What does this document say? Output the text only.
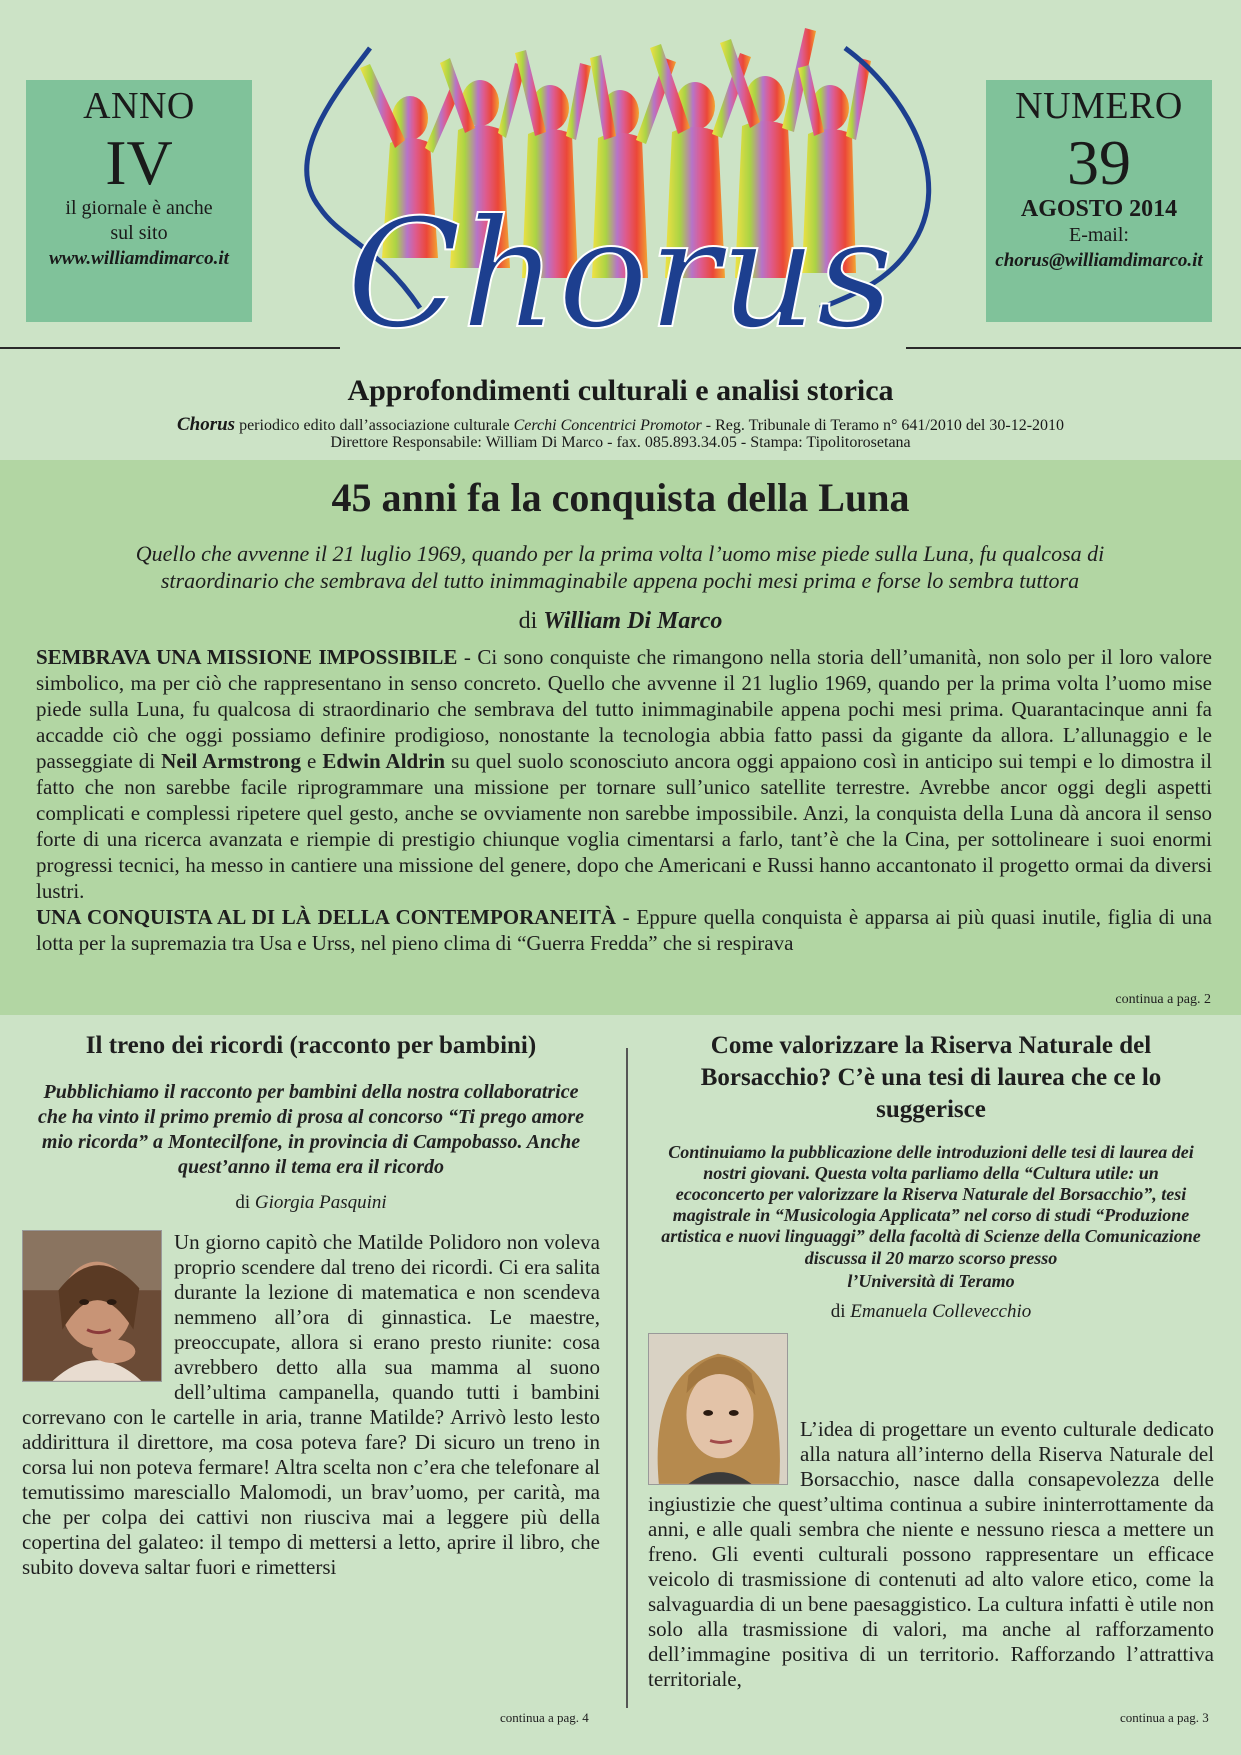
ANNO
IV
il giornale è anche
sul sito
www.williamdimarco.it
NUMERO
39
AGOSTO 2014
E-mail:
chorus@williamdimarco.it
Chorus
Approfondimenti culturali e analisi storica
Chorus periodico edito dall’associazione culturale Cerchi Concentrici Promotor - Reg. Tribunale di Teramo n° 641/2010 del 30-12-2010
Direttore Responsabile: William Di Marco - fax. 085.893.34.05 - Stampa: Tipolitorosetana
45 anni fa la conquista della Luna
Quello che avvenne il 21 luglio 1969, quando per la prima volta l’uomo mise piede sulla Luna, fu qualcosa di straordinario che sembrava del tutto inimmaginabile appena pochi mesi prima e forse lo sembra tuttora
di William Di Marco
SEMBRAVA UNA MISSIONE IMPOSSIBILE - Ci sono conquiste che rimangono nella storia dell’umanità, non solo per il loro valore simbolico, ma per ciò che rappresentano in senso concreto. Quello che avvenne il 21 luglio 1969, quando per la prima volta l’uomo mise piede sulla Luna, fu qualcosa di straordinario che sembrava del tutto inimmaginabile appena pochi mesi prima. Quarantacinque anni fa accadde ciò che oggi possiamo definire prodigioso, nonostante la tecnologia abbia fatto passi da gigante da allora. L’allunaggio e le passeggiate di Neil Armstrong e Edwin Aldrin su quel suolo sconosciuto ancora oggi appaiono così in anticipo sui tempi e lo dimostra il fatto che non sarebbe facile riprogrammare una missione per tornare sull’unico satellite terrestre. Avrebbe ancor oggi degli aspetti complicati e complessi ripetere quel gesto, anche se ovviamente non sarebbe impossibile. Anzi, la conquista della Luna dà ancora il senso forte di una ricerca avanzata e riempie di prestigio chiunque voglia cimentarsi a farlo, tant’è che la Cina, per sottolineare i suoi enormi progressi tecnici, ha messo in cantiere una missione del genere, dopo che Americani e Russi hanno accantonato il progetto ormai da diversi lustri.
UNA CONQUISTA AL DI LÀ DELLA CONTEMPORANEITÀ - Eppure quella conquista è apparsa ai più quasi inutile, figlia di una lotta per la supremazia tra Usa e Urss, nel pieno clima di “Guerra Fredda” che si respirava
continua a pag. 2
Il treno dei ricordi (racconto per bambini)
Pubblichiamo il racconto per bambini della nostra collaboratrice che ha vinto il primo premio di prosa al concorso “Ti prego amore mio ricorda” a Montecilfone, in provincia di Campobasso. Anche quest’anno il tema era il ricordo
di Giorgia Pasquini
Un giorno capitò che Matilde Polidoro non voleva proprio scendere dal treno dei ricordi. Ci era salita durante la lezione di matematica e non scendeva nemmeno all’ora di ginnastica. Le maestre, preoccupate, allora si erano presto riunite: cosa avrebbero detto alla sua mamma al suono dell’ultima campanella, quando tutti i bambini correvano con le cartelle in aria, tranne Matilde? Arrivò lesto lesto addirittura il direttore, ma cosa poteva fare? Di sicuro un treno in corsa lui non poteva fermare! Altra scelta non c’era che telefonare al temutissimo maresciallo Malomodi, un brav’uomo, per carità, ma che per colpa dei cattivi non riusciva mai a leggere più della copertina del galateo: il tempo di mettersi a letto, aprire il libro, che subito doveva saltar fuori e rimettersi
continua a pag. 4
Come valorizzare la Riserva Naturale del Borsacchio? C’è una tesi di laurea che ce lo suggerisce
Continuiamo la pubblicazione delle introduzioni delle tesi di laurea dei nostri giovani. Questa volta parliamo della “Cultura utile: un ecoconcerto per valorizzare la Riserva Naturale del Borsacchio”, tesi magistrale in “Musicologia Applicata” nel corso di studi “Produzione artistica e nuovi linguaggi” della facoltà di Scienze della Comunicazione
discussa il 20 marzo scorso presso
l’Università di Teramo
di Emanuela Collevecchio
L’idea di progettare un evento culturale dedicato alla natura all’interno della Riserva Naturale del Borsacchio, nasce dalla consapevolezza delle ingiustizie che quest’ultima continua a subire ininterrottamente da anni, e alle quali sembra che niente e nessuno riesca a mettere un freno. Gli eventi culturali possono rappresentare un efficace veicolo di trasmissione di contenuti ad alto valore etico, come la salvaguardia di un bene paesaggistico. La cultura infatti è utile non solo alla trasmissione di valori, ma anche al rafforzamento dell’immagine positiva di un territorio. Rafforzando l’attrattiva territoriale,
continua a pag. 3
